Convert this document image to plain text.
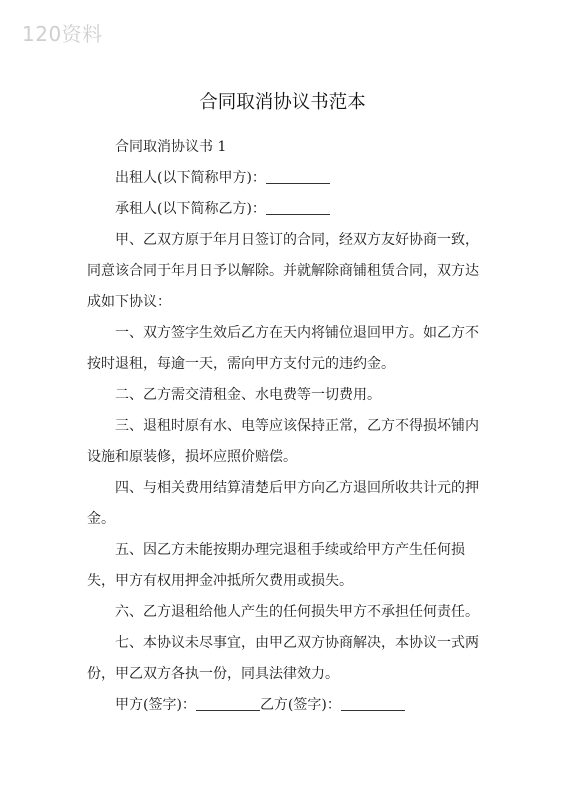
120资料
合同取消协议书范本

合同取消协议书 1

出租人(以下简称甲方)：

承租人(以下简称乙方)：

甲、乙双方原于年月日签订的合同，经双方友好协商一致，同意该合同于年月日予以解除。并就解除商铺租赁合同，双方达成如下协议：

一、双方签字生效后乙方在天内将铺位退回甲方。如乙方不按时退租，每逾一天，需向甲方支付元的违约金。

二、乙方需交清租金、水电费等一切费用。

三、退租时原有水、电等应该保持正常，乙方不得损坏铺内设施和原装修，损坏应照价赔偿。

四、与相关费用结算清楚后甲方向乙方退回所收共计元的押金。

五、因乙方未能按期办理完退租手续或给甲方产生任何损失，甲方有权用押金冲抵所欠费用或损失。

六、乙方退租给他人产生的任何损失甲方不承担任何责任。

七、本协议未尽事宜，由甲乙双方协商解决，本协议一式两份，甲乙双方各执一份，同具法律效力。

甲方(签字)：	乙方(签字)：
